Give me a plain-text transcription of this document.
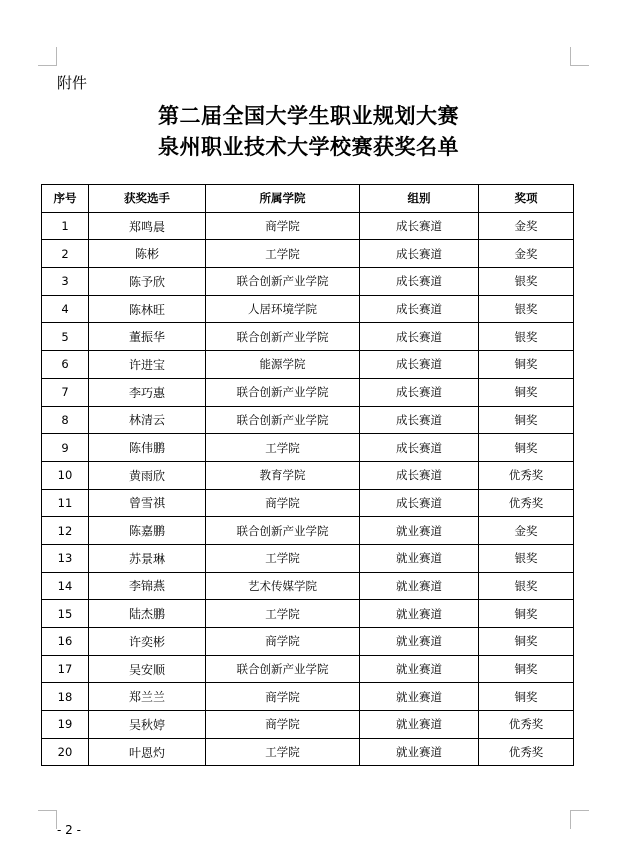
附件
第二届全国大学生职业规划大赛
泉州职业技术大学校赛获奖名单
序号	获奖选手	所属学院	组别	奖项
1	郑鸣晨	商学院	成长赛道	金奖
2	陈彬	工学院	成长赛道	金奖
3	陈予欣	联合创新产业学院	成长赛道	银奖
4	陈林旺	人居环境学院	成长赛道	银奖
5	董振华	联合创新产业学院	成长赛道	银奖
6	许进宝	能源学院	成长赛道	铜奖
7	李巧惠	联合创新产业学院	成长赛道	铜奖
8	林清云	联合创新产业学院	成长赛道	铜奖
9	陈伟鹏	工学院	成长赛道	铜奖
10	黄雨欣	教育学院	成长赛道	优秀奖
11	曾雪祺	商学院	成长赛道	优秀奖
12	陈嘉鹏	联合创新产业学院	就业赛道	金奖
13	苏景琳	工学院	就业赛道	银奖
14	李锦燕	艺术传媒学院	就业赛道	银奖
15	陆杰鹏	工学院	就业赛道	铜奖
16	许奕彬	商学院	就业赛道	铜奖
17	吴安顺	联合创新产业学院	就业赛道	铜奖
18	郑兰兰	商学院	就业赛道	铜奖
19	吴秋婷	商学院	就业赛道	优秀奖
20	叶恩灼	工学院	就业赛道	优秀奖
- 2 -
